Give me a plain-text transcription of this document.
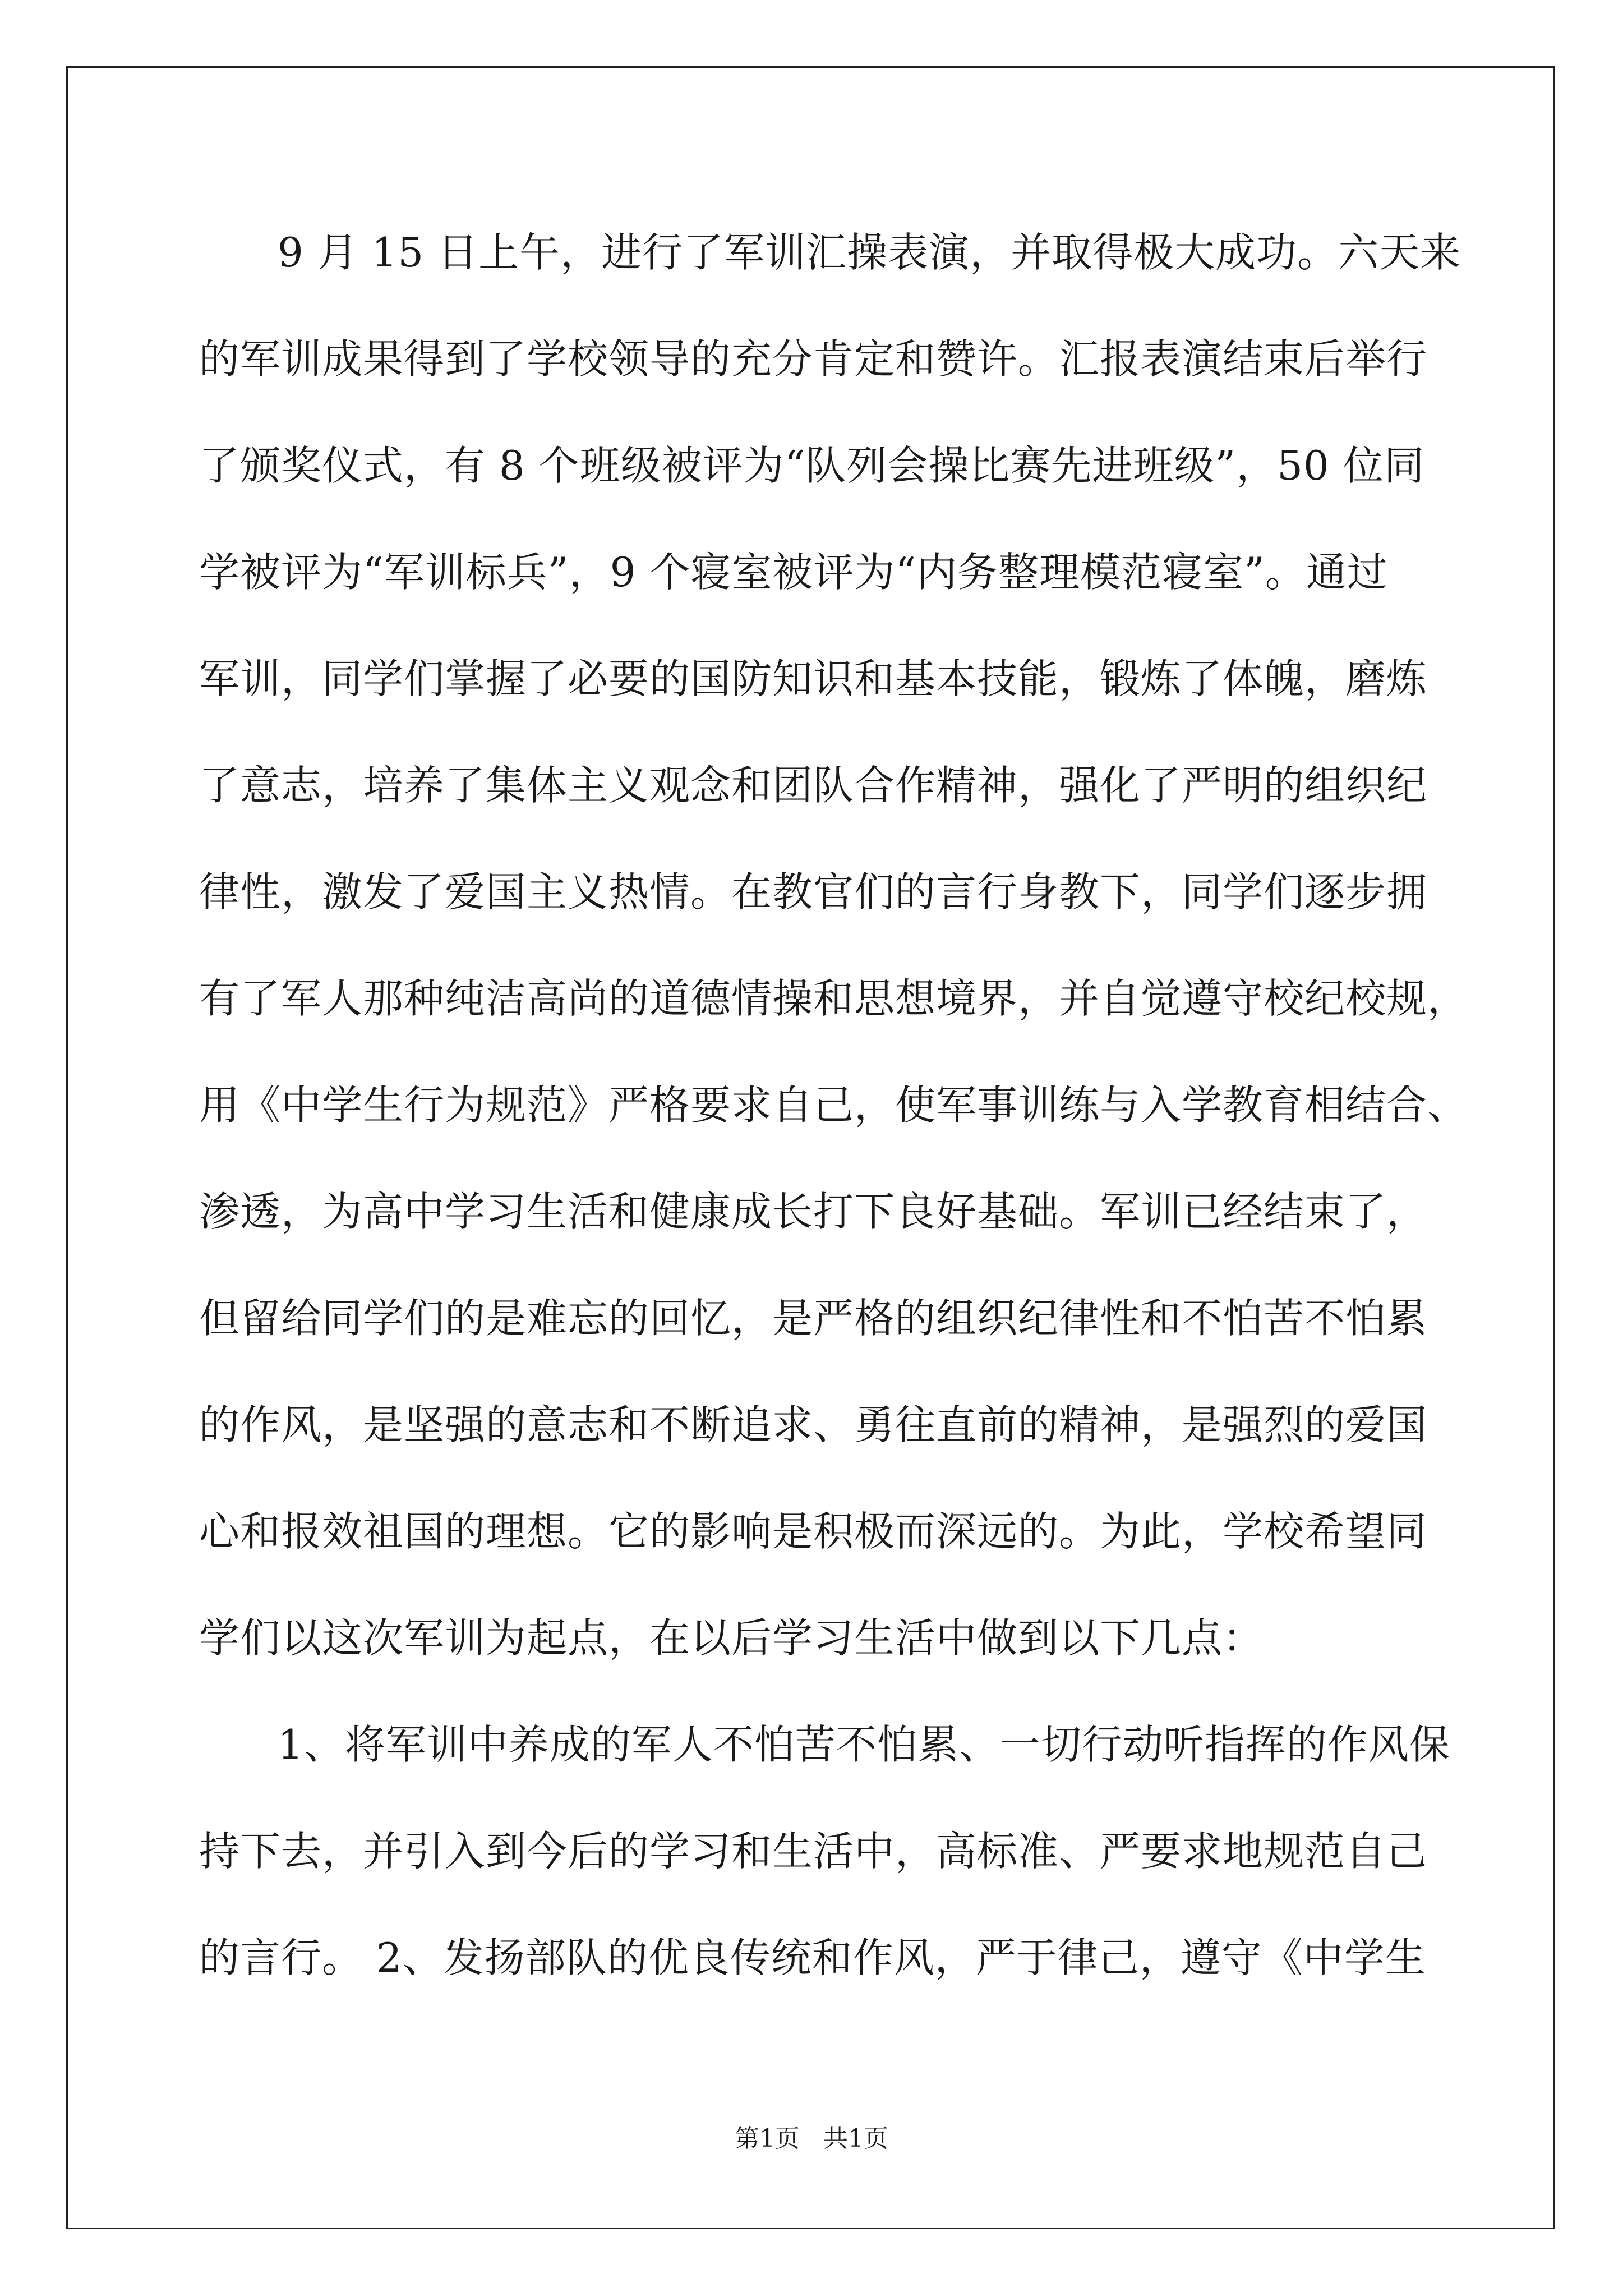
9 月 15 日上午，进行了军训汇操表演，并取得极大成功。六天来
的军训成果得到了学校领导的充分肯定和赞许。汇报表演结束后举行
了颁奖仪式，有 8 个班级被评为“队列会操比赛先进班级”，50 位同
学被评为“军训标兵”，9 个寝室被评为“内务整理模范寝室”。通过
军训，同学们掌握了必要的国防知识和基本技能，锻炼了体魄，磨炼
了意志，培养了集体主义观念和团队合作精神，强化了严明的组织纪
律性，激发了爱国主义热情。在教官们的言行身教下，同学们逐步拥
有了军人那种纯洁高尚的道德情操和思想境界，并自觉遵守校纪校规，
用《中学生行为规范》严格要求自己，使军事训练与入学教育相结合、
渗透，为高中学习生活和健康成长打下良好基础。军训已经结束了，
但留给同学们的是难忘的回忆，是严格的组织纪律性和不怕苦不怕累
的作风，是坚强的意志和不断追求、勇往直前的精神，是强烈的爱国
心和报效祖国的理想。它的影响是积极而深远的。为此，学校希望同
学们以这次军训为起点，在以后学习生活中做到以下几点：
1、将军训中养成的军人不怕苦不怕累、一切行动听指挥的作风保
持下去，并引入到今后的学习和生活中，高标准、严要求地规范自己
的言行。 2、发扬部队的优良传统和作风，严于律己，遵守《中学生
第1页   共1页
